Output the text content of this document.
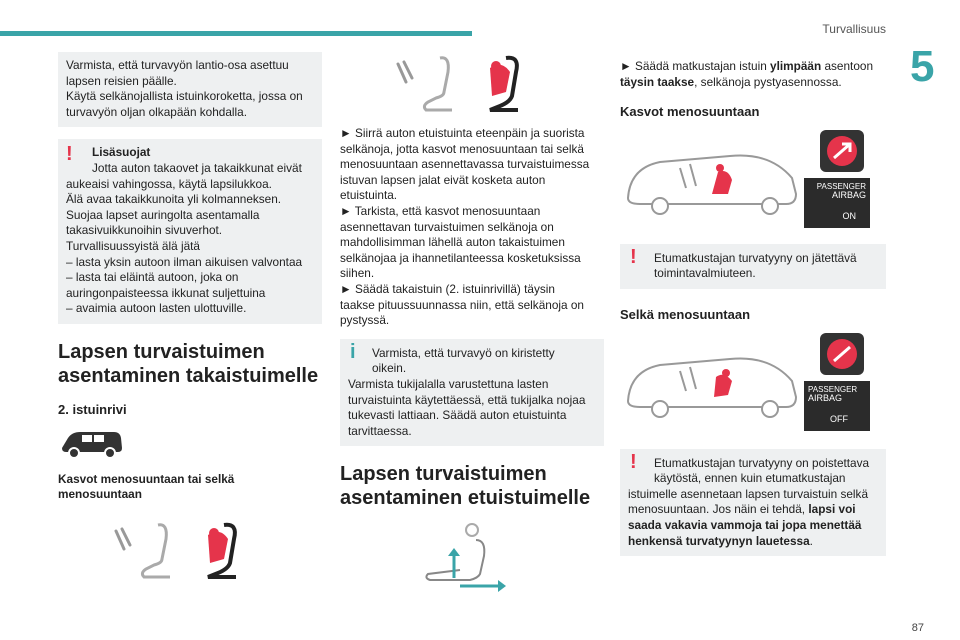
Turvallisuus
5
87
Varmista, että turvavyön lantio-osa asettuu
lapsen reisien päälle.
Käytä selkänojallista istuinkoroketta, jossa on
turvavyön oljan olkapään kohdalla.
!	Lisäsuojat
Jotta auton takaovet ja takaikkunat eivät
aukeaisi vahingossa, käytä lapsilukkoa.
Älä avaa takaikkunoita yli kolmanneksen.
Suojaa lapset auringolta asentamalla
takasivuikkunoihin sivuverhot.
Turvallisuussyistä älä jätä
– lasta yksin autoon ilman aikuisen valvontaa
– lasta tai eläintä autoon, joka on
auringonpaisteessa ikkunat suljettuina
– avaimia autoon lasten ulottuville.
Lapsen turvaistuimen
asentaminen takaistuimelle
2. istuinrivi
Kasvot menosuuntaan tai selkä
menosuuntaan
► Siirrä auton etuistuinta eteenpäin ja suorista
selkänoja, jotta kasvot menosuuntaan tai selkä
menosuuntaan asennettavassa turvaistuimessa
istuvan lapsen jalat eivät kosketa auton
etuistuinta.
► Tarkista, että kasvot menosuuntaan
asennettavan turvaistuimen selkänoja on
mahdollisimman lähellä auton takaistuimen
selkänojaa ja ihannetilanteessa kosketuksissa
siihen.
► Säädä takaistuin (2. istuinrivillä) täysin
taakse pituussuunnassa niin, että selkänoja on
pystyssä.
i	Varmista, että turvavyö on kiristetty
oikein.
Varmista tukijalalla varustettuna lasten
turvaistuinta käytettäessä, että tukijalka nojaa
tukevasti lattiaan. Säädä auton etuistuinta
tarvittaessa.
Lapsen turvaistuimen
asentaminen etuistuimelle
► Säädä matkustajan istuin ylimpään asentoon
täysin taakse, selkänoja pystyasennossa.
Kasvot menosuuntaan
PASSENGER
AIRBAG
ON
!	Etumatkustajan turvatyyny on jätettävä
toimintavalmiuteen.
Selkä menosuuntaan
PASSENGER
AIRBAG
OFF
!	Etumatkustajan turvatyyny on poistettava
käytöstä, ennen kuin etumatkustajan
istuimelle asennetaan lapsen turvaistuin selkä
menosuuntaan. Jos näin ei tehdä, lapsi voi
saada vakavia vammoja tai jopa menettää
henkensä turvatyynyn lauetessa.
